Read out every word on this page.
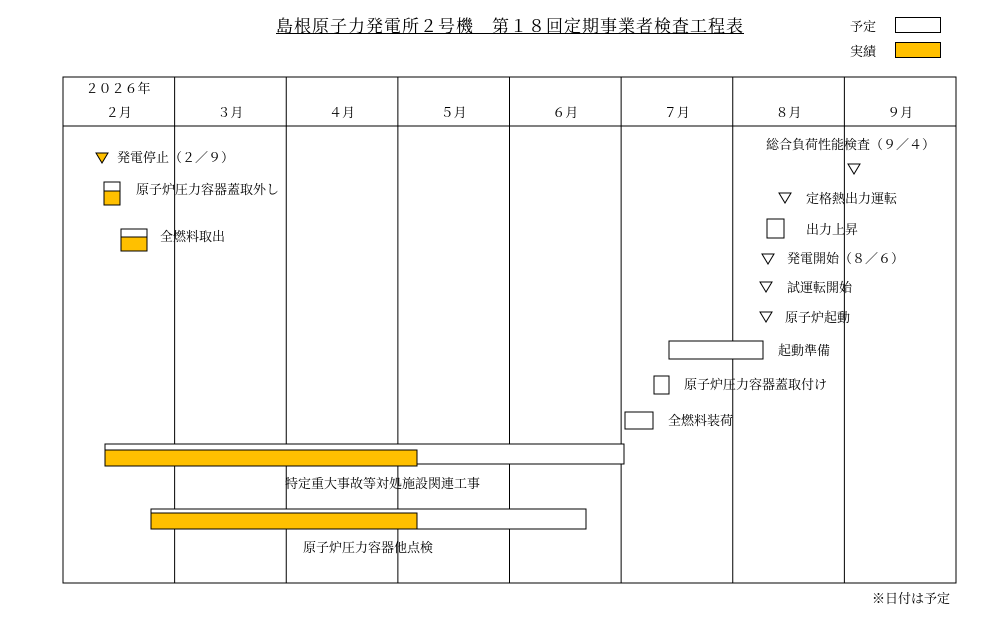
島根原子力発電所２号機　第１８回定期事業者検査工程表	予定
実績
２０２６年
２月	３月	４月	５月	６月	７月	８月	９月
発電停止（２／９）
総合負荷性能検査（９／４）
定格熱出力運転
発電開始（８／６）
試運転開始
原子炉起動
原子炉圧力容器蓋取外し
全燃料取出	出力上昇
起動準備
原子炉圧力容器蓋取付け
全燃料装荷
特定重大事故等対処施設関連工事
原子炉圧力容器他点検
※日付は予定
